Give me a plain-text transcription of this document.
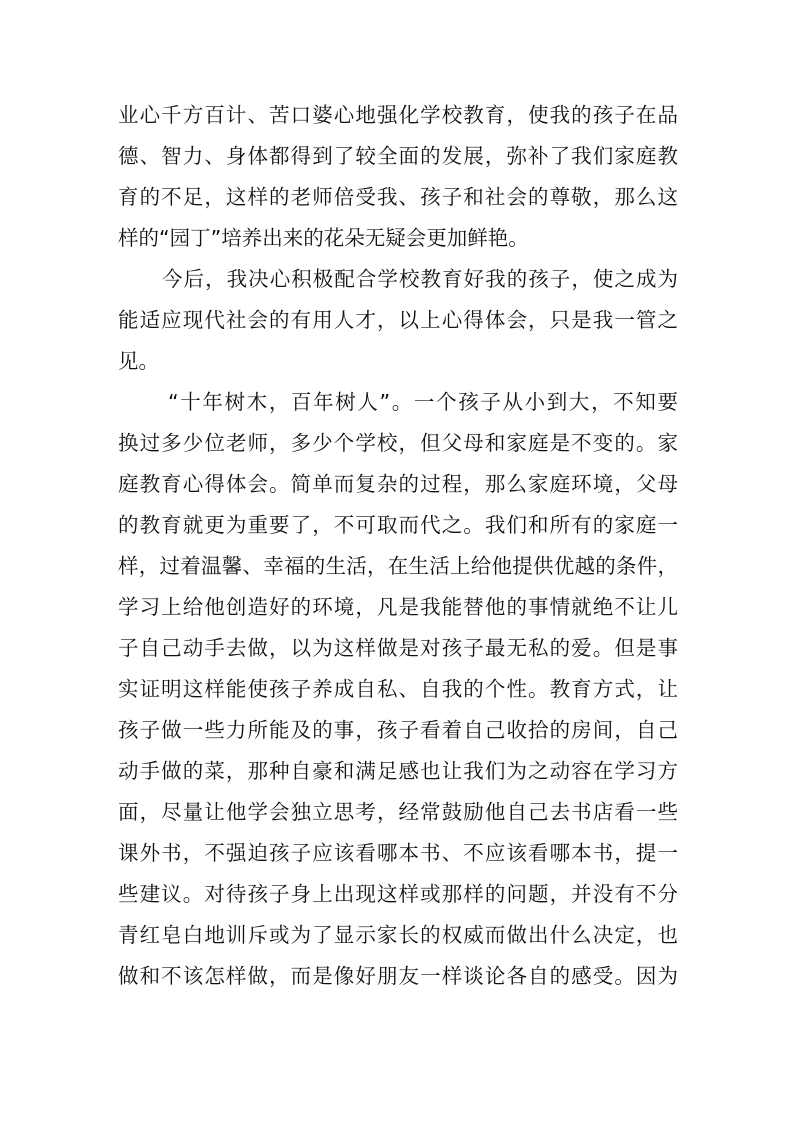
业心千方百计、苦口婆心地强化学校教育，使我的孩子在品
德、智力、身体都得到了较全面的发展，弥补了我们家庭教
育的不足，这样的老师倍受我、孩子和社会的尊敬，那么这
样的“园丁”培养出来的花朵无疑会更加鲜艳。
今后，我决心积极配合学校教育好我的孩子，使之成为
能适应现代社会的有用人才，以上心得体会，只是我一管之
见。
“十年树木，百年树人”。一个孩子从小到大，不知要
换过多少位老师，多少个学校，但父母和家庭是不变的。家
庭教育心得体会。简单而复杂的过程，那么家庭环境，父母
的教育就更为重要了，不可取而代之。我们和所有的家庭一
样，过着温馨、幸福的生活，在生活上给他提供优越的条件，
学习上给他创造好的环境，凡是我能替他的事情就绝不让儿
子自己动手去做，以为这样做是对孩子最无私的爱。但是事
实证明这样能使孩子养成自私、自我的个性。教育方式，让
孩子做一些力所能及的事，孩子看着自己收拾的房间，自己
动手做的菜，那种自豪和满足感也让我们为之动容在学习方
面，尽量让他学会独立思考，经常鼓励他自己去书店看一些
课外书，不强迫孩子应该看哪本书、不应该看哪本书，提一
些建议。对待孩子身上出现这样或那样的问题，并没有不分
青红皂白地训斥或为了显示家长的权威而做出什么决定，也
做和不该怎样做，而是像好朋友一样谈论各自的感受。因为
